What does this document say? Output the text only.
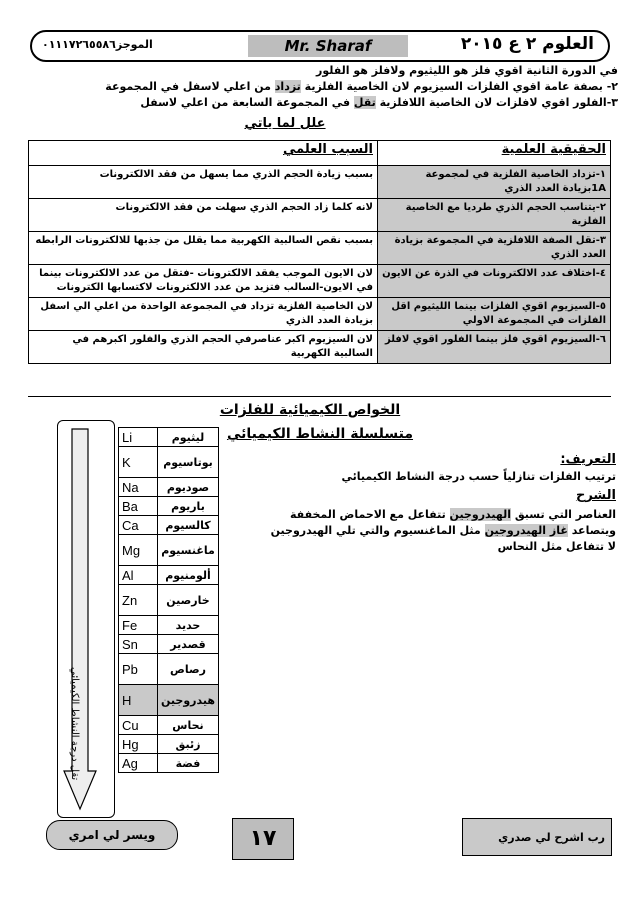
العلوم ٢ ع ٢٠١٥
Mr. Sharaf
الموجز٠١١١٧٢٦٥٥٨٦
في الدورة الثانية اقوي فلز هو الليثيوم ولافلز هو الفلور
٢- بصفة عامة اقوي الفلزات السيزيوم لان الخاصية الفلزية تزداد من اعلي لاسفل في المجموعة
٣-الفلور اقوي لافلزات لان الخاصية اللافلزية تقل في المجموعة السابعة من اعلي لاسفل
علل لما ياتي
الحقيقية العلمية	السبب العلمي
١-تزداد الخاصية الفلزية في لمجموعة 1Aبزيادة العدد الذري	بسبب زيادة الحجم الذري مما يسهل من فقد الالكترونات
٢-يتناسب الحجم الذري طرديا مع الخاصية الفلزية	لانه كلما زاد الحجم الذري سهلت من فقد الالكترونات
٣-تقل الصفة اللافلزية في المجموعة بزيادة العدد الذري	بسبب نقص السالبية الكهربية مما يقلل من جذبها للالكترونات الرابطه
٤-اختلاف عدد الالكترونات في الذرة عن الايون	لان الايون الموجب يفقد الالكترونات -فتقل من عدد الالكترونات بينما في الايون-السالب فتزيد من عدد الالكترونات لاكتسابها الكترونات
٥-السيزيوم اقوي الفلزات بينما الليثيوم اقل الفلزات في المجموعة الاولي	لان الخاصية الفلزية تزداد في المجموعة الواحدة من اعلي الي اسفل بزيادة العدد الذري
٦-السيزيوم اقوي فلز بينما الفلور اقوي لافلز	لان السيزيوم اكبر عناصرفي الحجم الذري والفلور اكبرهم في السالبية الكهربية
الخواص الكيميائية للفلزات
متسلسلة النشاط الكيميائي
التعريف:
ترتيب الفلزات تنازلياً حسب درجة النشاط الكيميائي
الشرح
العناصر التي تسبق الهيدروجين تتفاعل مع الاحماض المخففة
ويتصاعد غاز الهيدروجين مثل الماغنسيوم والتي تلي الهيدروجين
لا تتفاعل مثل النحاس
تقل درجة النشاط الكيميائي
Li	ليثيوم
K	بوتاسيوم
Na	صوديوم
Ba	باريوم
Ca	كالسيوم
Mg	ماغنسيوم
Al	ألومنيوم
Zn	خارصين
Fe	حديد
Sn	قصدير
Pb	رصاص
H	هيدروجين
Cu	نحاس
Hg	زئبق
Ag	فضة
ويسر لي امري	١٧	رب اشرح لي صدري
